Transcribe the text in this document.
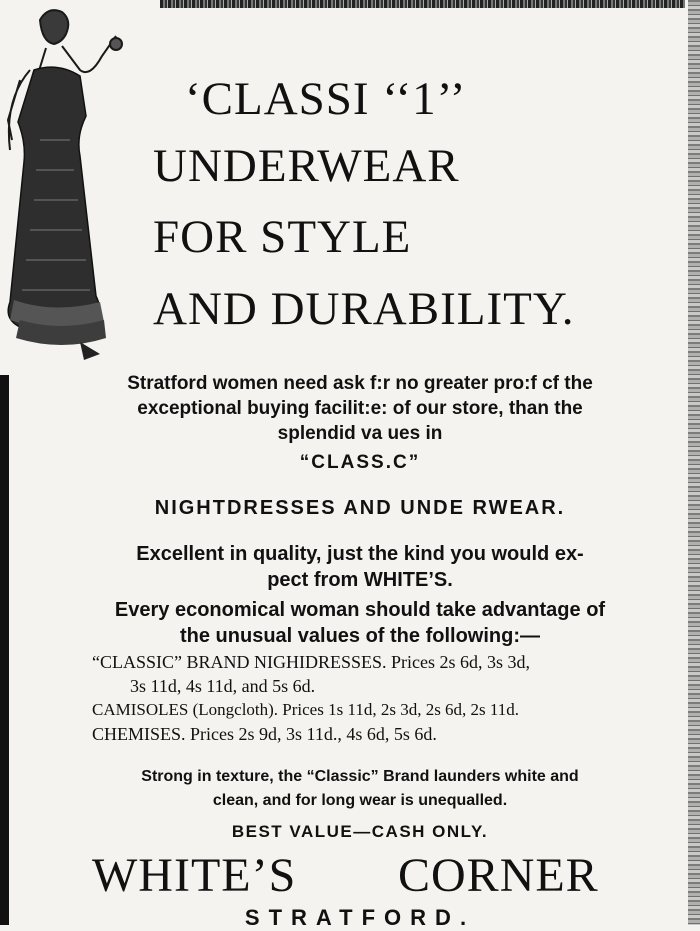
‘CLASSI ‘‘1’’
UNDERWEAR
FOR STYLE
AND DURABILITY.
Stratford women need ask f:r no greater pro:f cf the
exceptional buying facilit:e: of our store, than the
splendid va ues in
“CLASS.C”
NIGHTDRESSES AND UNDE RWEAR.
Excellent in quality, just the kind you would ex-
pect from WHITE’S.
Every economical woman should take advantage of
the unusual values of the following:—
“CLASSIC” BRAND NIGHIDRESSES. Prices 2s 6d, 3s 3d,
3s 11d, 4s 11d, and 5s 6d.
CAMISOLES (Longcloth). Prices 1s 11d, 2s 3d, 2s 6d, 2s 11d.
CHEMISES. Prices 2s 9d, 3s 11d., 4s 6d, 5s 6d.
Strong in texture, the “Classic” Brand launders white and
clean, and for long wear is unequalled.
BEST VALUE—CASH ONLY.
WHITE’S CORNER
STRATFORD.
